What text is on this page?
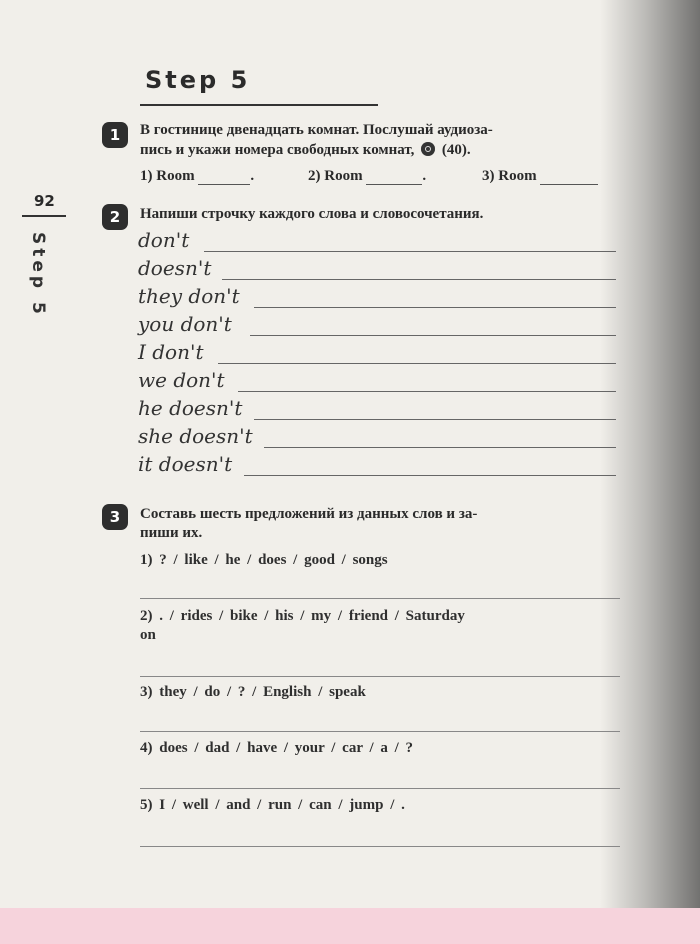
Step 5
92
Step 5
1	В гостинице двенадцать комнат. Послушай аудиоза-
пись и укажи номера свободных комнат, (40).
1) Room	.	2) Room	.	3) Room
2	Напиши строчку каждого слова и словосочетания.
don't
doesn't
they don't
you don't
I don't
we don't
he doesn't
she doesn't
it doesn't
3	Составь шесть предложений из данных слов и за-
пиши их.
1) ? / like / he / does / good / songs
2) . / rides / bike / his / my / friend / Saturday
on
3) they / do / ? / English / speak
4) does / dad / have / your / car / a / ?
5) I / well / and / run / can / jump / .
